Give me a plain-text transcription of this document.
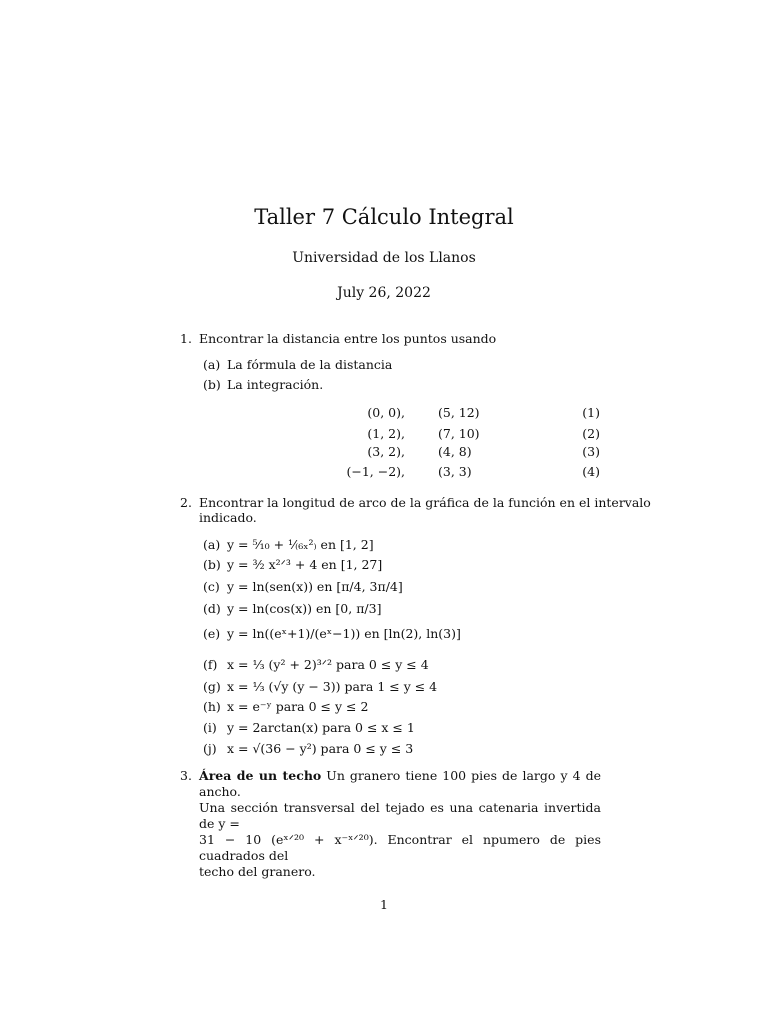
Taller 7 Cálculo Integral
Universidad de los Llanos
July 26, 2022
1. Encontrar la distancia entre los puntos usando
(a) La fórmula de la distancia
(b) La integración.
(0, 0),	(5, 12)	(1)
(1, 2),	(7, 10)	(2)
(3, 2),	(4, 8)	(3)
(−1, −2),	(3, 3)	(4)
2. Encontrar la longitud de arco de la gráfica de la función en el intervalo
indicado.
(a) y = ⁵⁄₁₀ + ¹⁄₍₆ₓ²₎ en [1, 2]
(b) y = ³⁄₂ x²ᐟ³ + 4 en [1, 27]
(c) y = ln(sen(x)) en [π/4, 3π/4]
(d) y = ln(cos(x)) en [0, π/3]
(e) y = ln((eˣ+1)/(eˣ−1)) en [ln(2), ln(3)]
(f) x = ⅓ (y² + 2)³ᐟ² para 0 ≤ y ≤ 4
(g) x = ⅓ (√y (y − 3)) para 1 ≤ y ≤ 4
(h) x = e⁻ʸ para 0 ≤ y ≤ 2
(i) y = 2arctan(x) para 0 ≤ x ≤ 1
(j) x = √(36 − y²) para 0 ≤ y ≤ 3
3. Área de un techo Un granero tiene 100 pies de largo y 4 de ancho.
Una sección transversal del tejado es una catenaria invertida de y =
31 − 10 (eˣᐟ²⁰ + x⁻ˣᐟ²⁰). Encontrar el npumero de pies cuadrados del
techo del granero.
1
